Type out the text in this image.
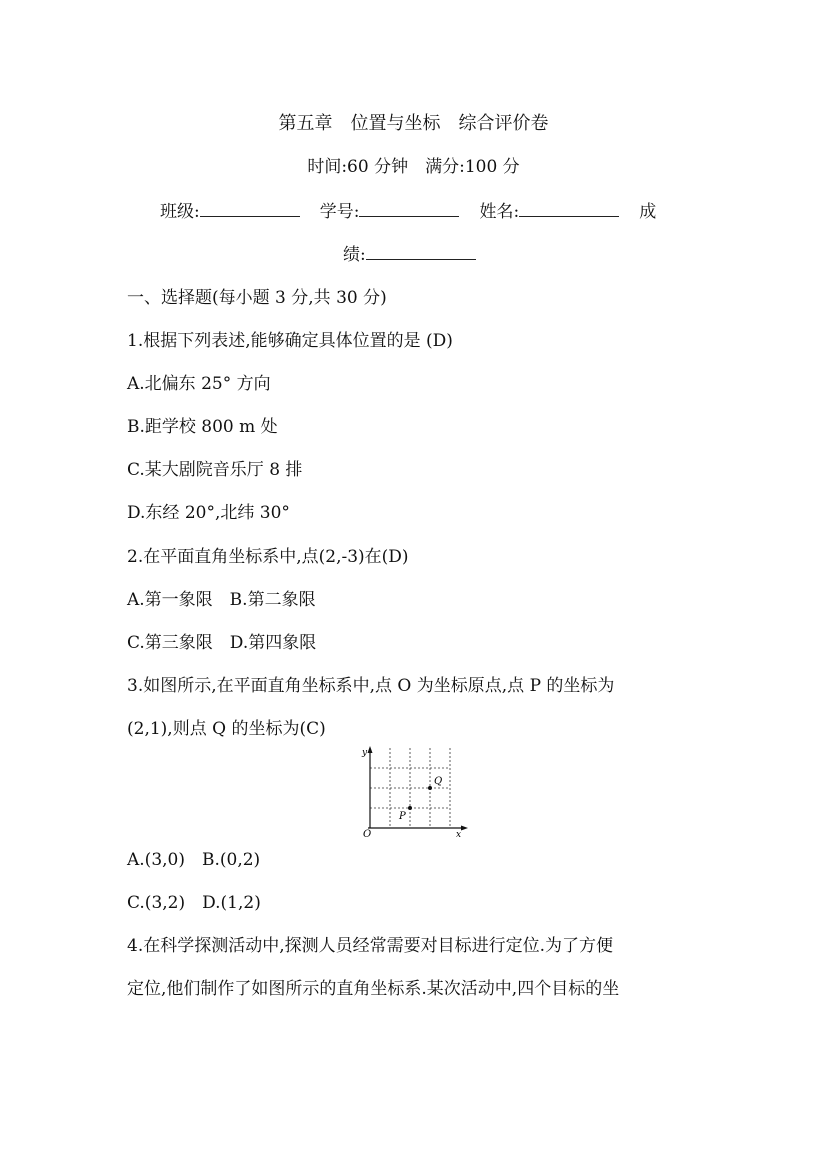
第五章　位置与坐标　综合评价卷
时间:60 分钟　满分:100 分
班级:	学号:	姓名:	成
绩:
一、选择题(每小题 3 分,共 30 分)
1.根据下列表述,能够确定具体位置的是 (D)
A.北偏东 25° 方向
B.距学校 800 m 处
C.某大剧院音乐厅 8 排
D.东经 20°,北纬 30°
2.在平面直角坐标系中,点(2,-3)在(D)
A.第一象限　B.第二象限
C.第三象限　D.第四象限
3.如图所示,在平面直角坐标系中,点 O 为坐标原点,点 P 的坐标为
(2,1),则点 Q 的坐标为(C)
y
x
O
P
Q
A.(3,0)　B.(0,2)
C.(3,2)　D.(1,2)
4.在科学探测活动中,探测人员经常需要对目标进行定位.为了方便
定位,他们制作了如图所示的直角坐标系.某次活动中,四个目标的坐
